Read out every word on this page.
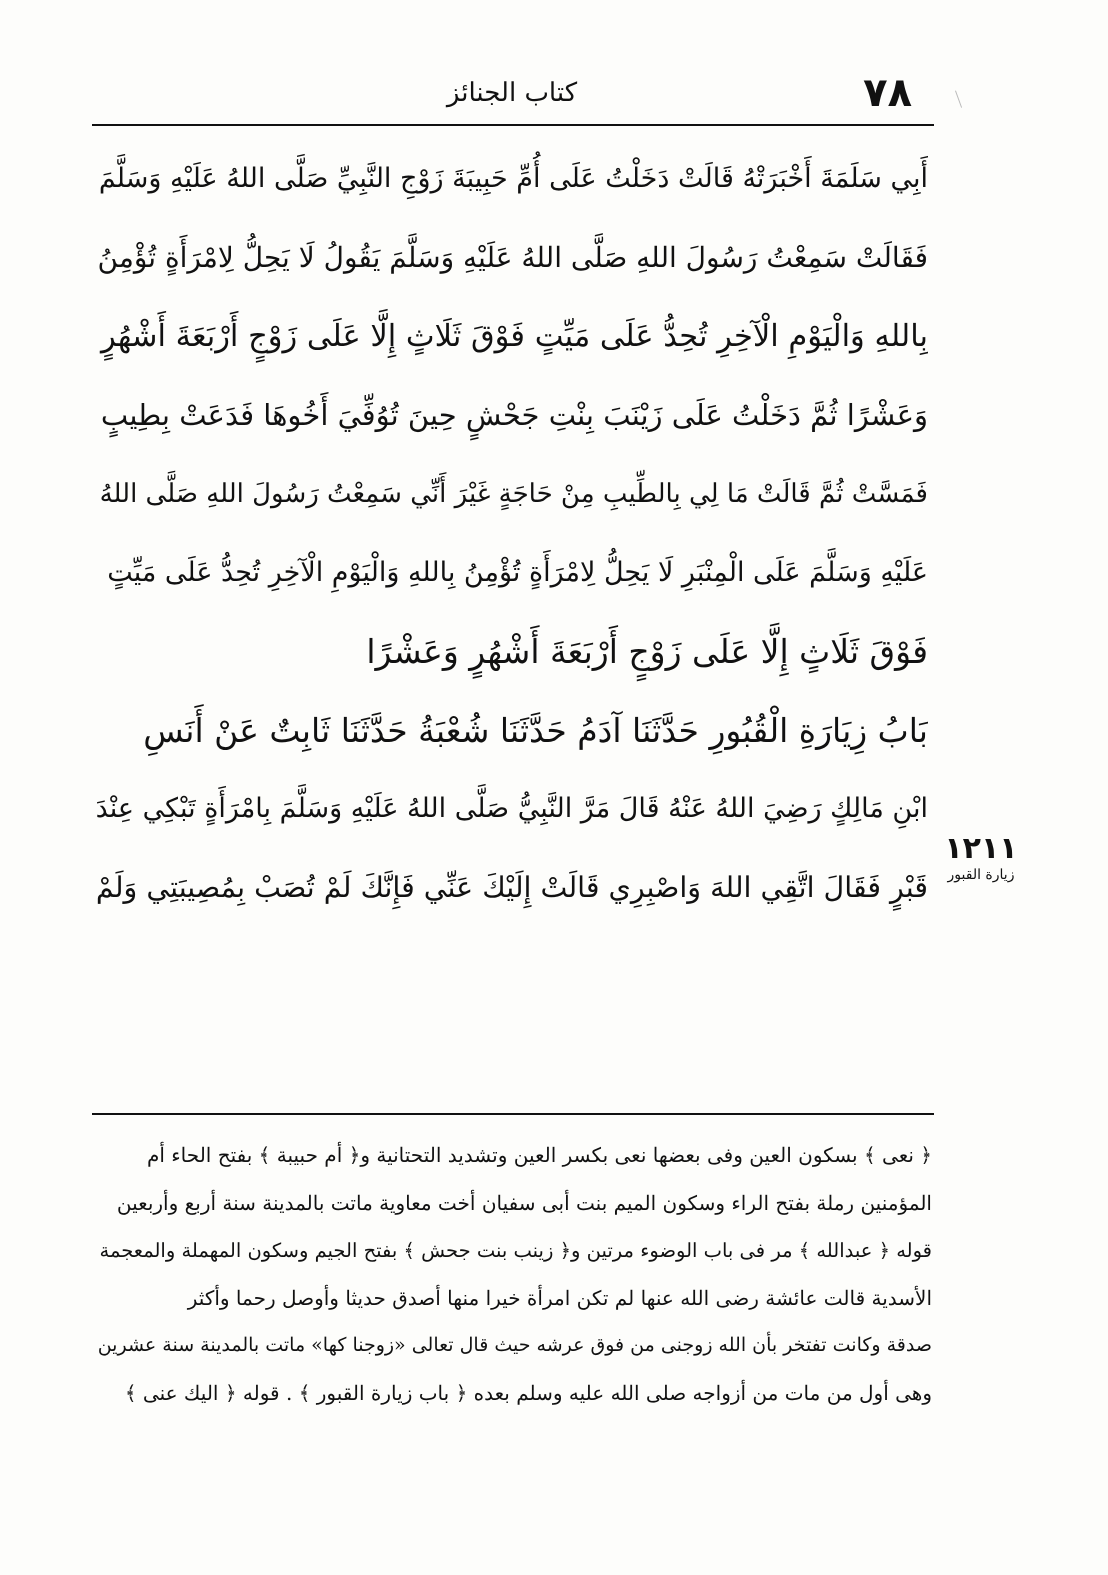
٧٨
كتاب الجنائز
أَبِي سَلَمَةَ أَخْبَرَتْهُ قَالَتْ دَخَلْتُ عَلَى أُمِّ حَبِيبَةَ زَوْجِ النَّبِيِّ صَلَّى اللهُ عَلَيْهِ وَسَلَّمَ
فَقَالَتْ سَمِعْتُ رَسُولَ اللهِ صَلَّى اللهُ عَلَيْهِ وَسَلَّمَ يَقُولُ لَا يَحِلُّ لِامْرَأَةٍ تُؤْمِنُ
بِاللهِ وَالْيَوْمِ الْآخِرِ تُحِدُّ عَلَى مَيِّتٍ فَوْقَ ثَلَاثٍ إِلَّا عَلَى زَوْجٍ أَرْبَعَةَ أَشْهُرٍ
وَعَشْرًا ثُمَّ دَخَلْتُ عَلَى زَيْنَبَ بِنْتِ جَحْشٍ حِينَ تُوُفِّيَ أَخُوهَا فَدَعَتْ بِطِيبٍ
فَمَسَّتْ ثُمَّ قَالَتْ مَا لِي بِالطِّيبِ مِنْ حَاجَةٍ غَيْرَ أَنِّي سَمِعْتُ رَسُولَ اللهِ صَلَّى اللهُ
عَلَيْهِ وَسَلَّمَ عَلَى الْمِنْبَرِ لَا يَحِلُّ لِامْرَأَةٍ تُؤْمِنُ بِاللهِ وَالْيَوْمِ الْآخِرِ تُحِدُّ عَلَى مَيِّتٍ
فَوْقَ ثَلَاثٍ إِلَّا عَلَى زَوْجٍ أَرْبَعَةَ أَشْهُرٍ وَعَشْرًا
بَابُ زِيَارَةِ الْقُبُورِ حَدَّثَنَا آدَمُ حَدَّثَنَا شُعْبَةُ حَدَّثَنَا ثَابِتٌ عَنْ أَنَسِ
ابْنِ مَالِكٍ رَضِيَ اللهُ عَنْهُ قَالَ مَرَّ النَّبِيُّ صَلَّى اللهُ عَلَيْهِ وَسَلَّمَ بِامْرَأَةٍ تَبْكِي عِنْدَ
قَبْرٍ فَقَالَ اتَّقِي اللهَ وَاصْبِرِي قَالَتْ إِلَيْكَ عَنِّي فَإِنَّكَ لَمْ تُصَبْ بِمُصِيبَتِي وَلَمْ
١٢١١
زيارة القبور
﴿ نعى ﴾ بسكون العين وفى بعضها نعى بكسر العين وتشديد التحتانية و﴿ أم حبيبة ﴾ بفتح الحاء أم
المؤمنين رملة بفتح الراء وسكون الميم بنت أبى سفيان أخت معاوية ماتت بالمدينة سنة أربع وأربعين
قوله ﴿ عبدالله ﴾ مر فى باب الوضوء مرتين و﴿ زينب بنت جحش ﴾ بفتح الجيم وسكون المهملة والمعجمة
الأسدية قالت عائشة رضى الله عنها لم تكن امرأة خيرا منها أصدق حديثا وأوصل رحما وأكثر
صدقة وكانت تفتخر بأن الله زوجنى من فوق عرشه حيث قال تعالى «زوجنا كها» ماتت بالمدينة سنة عشرين
وهى أول من مات من أزواجه صلى الله عليه وسلم بعده ﴿ باب زيارة القبور ﴾ . قوله ﴿ اليك عنى ﴾
